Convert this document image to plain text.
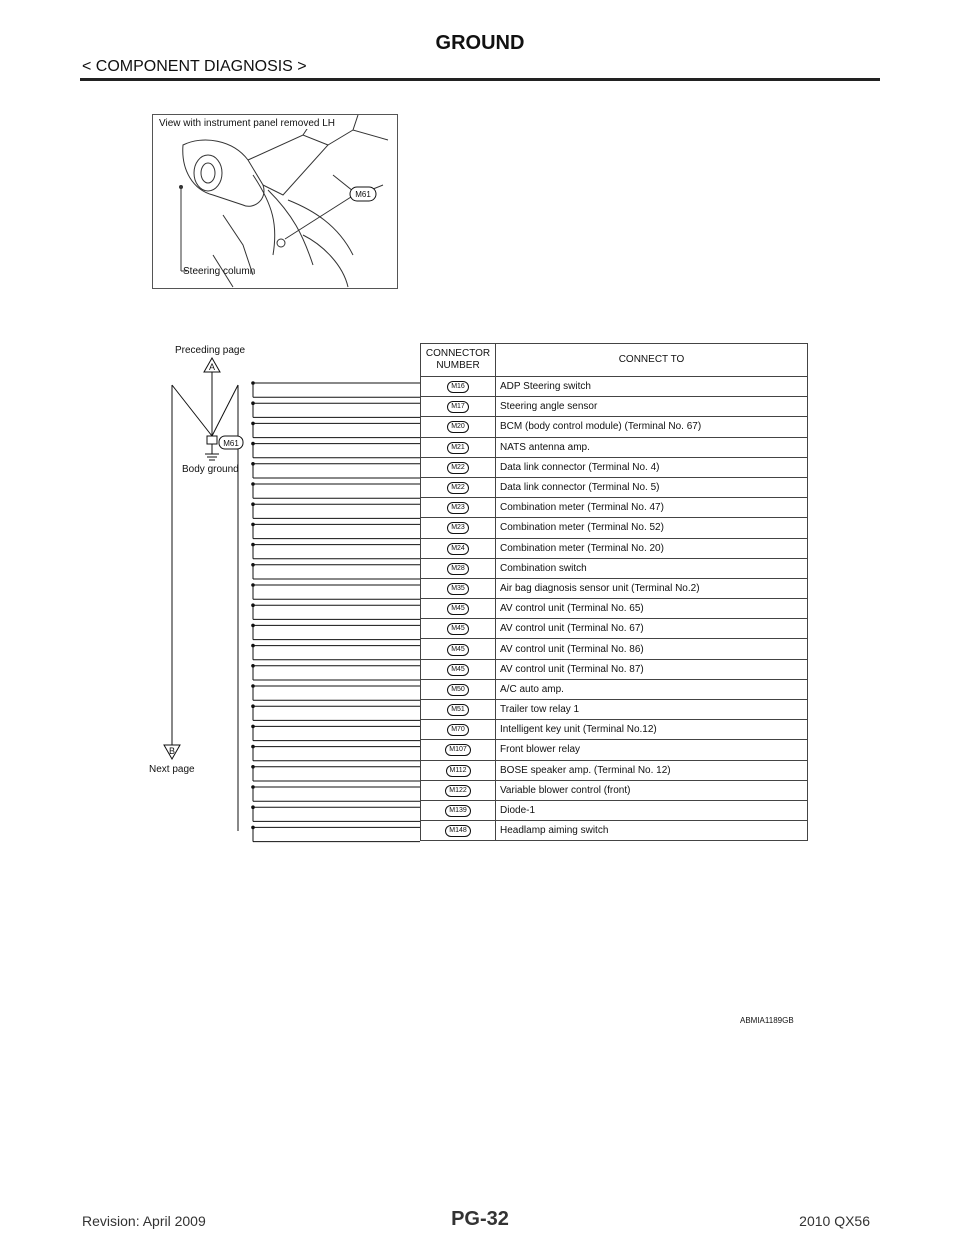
GROUND
< COMPONENT DIAGNOSIS >
M61
View with instrument panel removed LH
Steering column
Preceding page
A
M61
Body ground
B
Next page
CONNECTOR NUMBER	CONNECT TO
M16	ADP Steering switch
M17	Steering angle sensor
M20	BCM (body control module) (Terminal No. 67)
M21	NATS antenna amp.
M22	Data link connector (Terminal No. 4)
M22	Data link connector (Terminal No. 5)
M23	Combination meter (Terminal No. 47)
M23	Combination meter (Terminal No. 52)
M24	Combination meter (Terminal No. 20)
M28	Combination switch
M35	Air bag diagnosis sensor unit (Terminal No.2)
M45	AV control unit (Terminal No. 65)
M45	AV control unit (Terminal No. 67)
M45	AV control unit (Terminal No. 86)
M45	AV control unit (Terminal No. 87)
M50	A/C auto amp.
M51	Trailer tow relay 1
M70	Intelligent key unit (Terminal No.12)
M107	Front blower relay
M112	BOSE speaker amp. (Terminal No. 12)
M122	Variable blower control (front)
M139	Diode-1
M148	Headlamp aiming switch
ABMIA1189GB
Revision: April 2009	PG-32	2010 QX56
